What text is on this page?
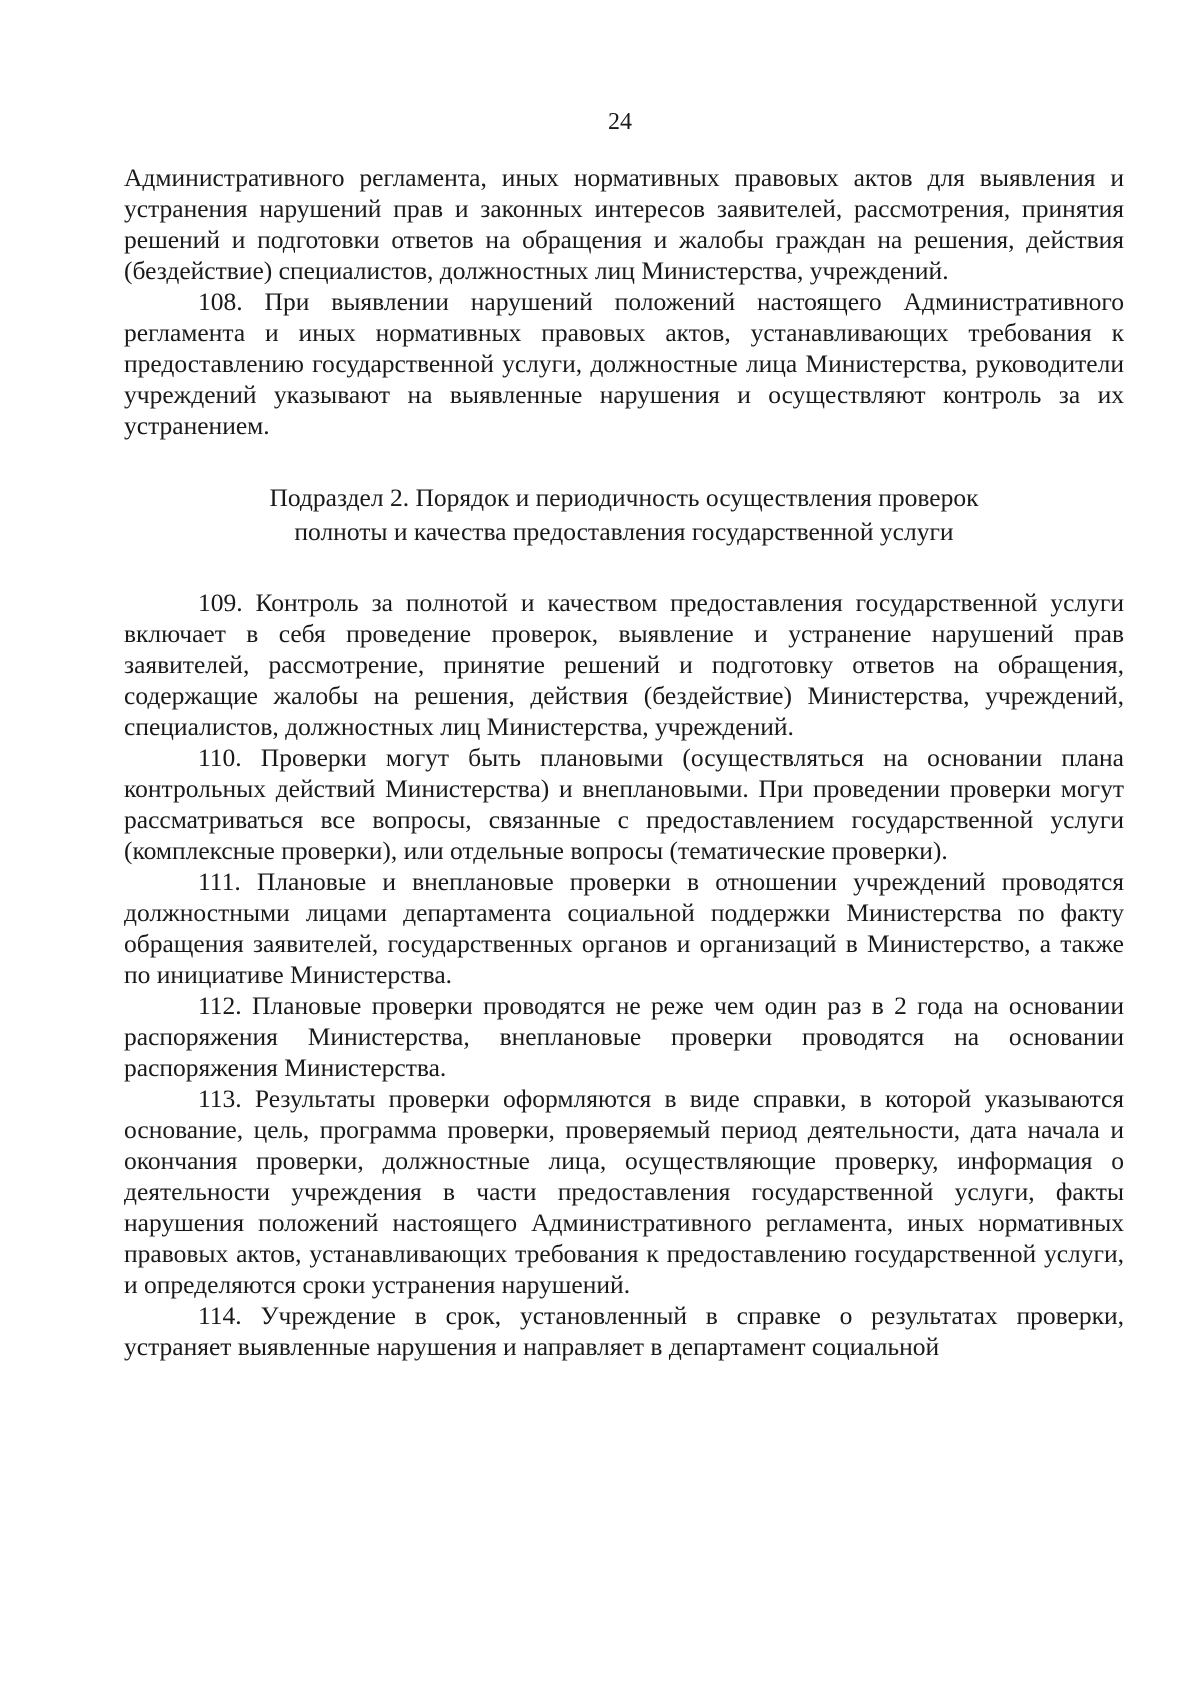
24

Административного регламента, иных нормативных правовых актов для выявления и устранения нарушений прав и законных интересов заявителей, рассмотрения, принятия решений и подготовки ответов на обращения и жалобы граждан на решения, действия (бездействие) специалистов, должностных лиц Министерства, учреждений.

108. При выявлении нарушений положений настоящего Административного регламента и иных нормативных правовых актов, устанавливающих требования к предоставлению государственной услуги, должностные лица Министерства, руководители учреждений указывают на выявленные нарушения и осуществляют контроль за их устранением.

Подраздел 2. Порядок и периодичность осуществления проверок
полноты и качества предоставления государственной услуги

109. Контроль за полнотой и качеством предоставления государственной услуги включает в себя проведение проверок, выявление и устранение нарушений прав заявителей, рассмотрение, принятие решений и подготовку ответов на обращения, содержащие жалобы на решения, действия (бездействие) Министерства, учреждений, специалистов, должностных лиц Министерства, учреждений.

110. Проверки могут быть плановыми (осуществляться на основании плана контрольных действий Министерства) и внеплановыми. При проведении проверки могут рассматриваться все вопросы, связанные с предоставлением государственной услуги (комплексные проверки), или отдельные вопросы (тематические проверки).

111. Плановые и внеплановые проверки в отношении учреждений проводятся должностными лицами департамента социальной поддержки Министерства по факту обращения заявителей, государственных органов и организаций в Министерство, а также по инициативе Министерства.

112. Плановые проверки проводятся не реже чем один раз в 2 года на основании распоряжения Министерства, внеплановые проверки проводятся на основании распоряжения Министерства.

113. Результаты проверки оформляются в виде справки, в которой указываются основание, цель, программа проверки, проверяемый период деятельности, дата начала и окончания проверки, должностные лица, осуществляющие проверку, информация о деятельности учреждения в части предоставления государственной услуги, факты нарушения положений настоящего Административного регламента, иных нормативных правовых актов, устанавливающих требования к предоставлению государственной услуги, и определяются сроки устранения нарушений.

114. Учреждение в срок, установленный в справке о результатах проверки, устраняет выявленные нарушения и направляет в департамент социальной
